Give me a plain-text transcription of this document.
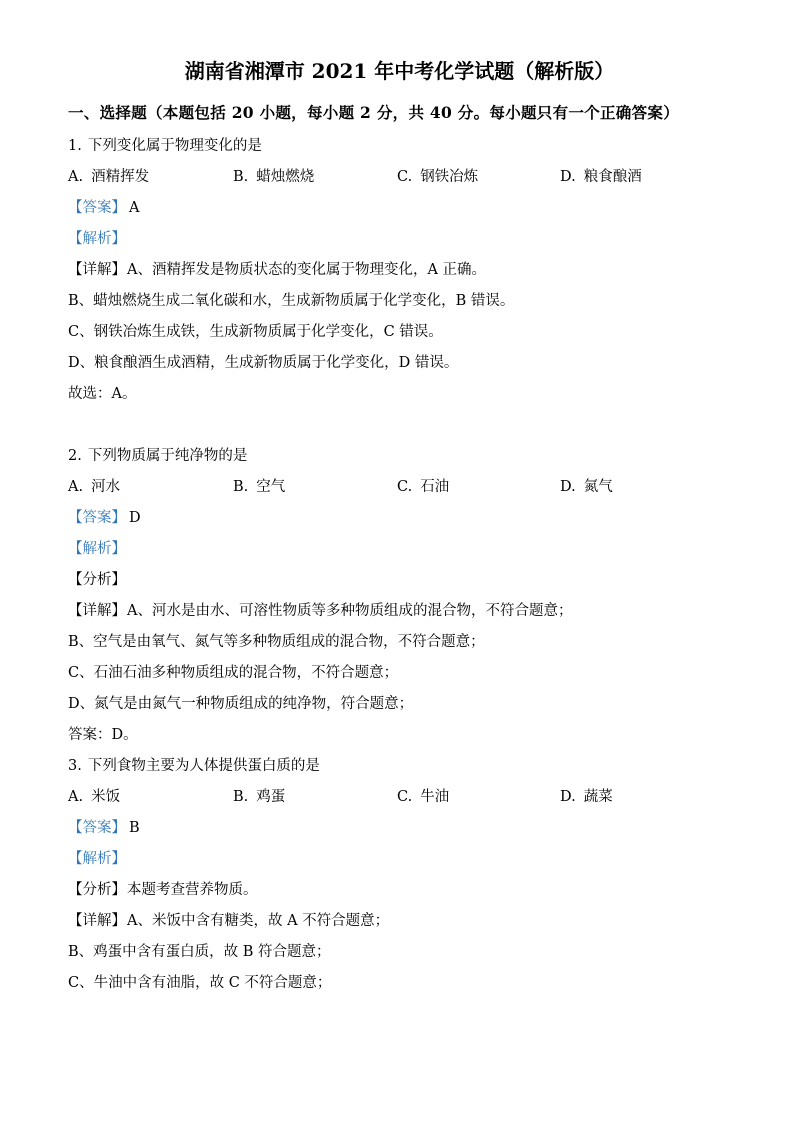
湖南省湘潭市 2021 年中考化学试题（解析版）
一、选择题（本题包括 20 小题，每小题 2 分，共 40 分。每小题只有一个正确答案）
1. 下列变化属于物理变化的是
A. 酒精挥发	B. 蜡烛燃烧	C. 钢铁冶炼	D. 粮食酿酒
【答案】 A
【解析】
【详解】A、酒精挥发是物质状态的变化属于物理变化，A 正确。
B、蜡烛燃烧生成二氧化碳和水，生成新物质属于化学变化，B 错误。
C、钢铁冶炼生成铁，生成新物质属于化学变化，C 错误。
D、粮食酿酒生成酒精，生成新物质属于化学变化，D 错误。
故选：A。
2. 下列物质属于纯净物的是
A. 河水	B. 空气	C. 石油	D. 氮气
【答案】 D
【解析】
【分析】
【详解】A、河水是由水、可溶性物质等多种物质组成的混合物，不符合题意；
B、空气是由氧气、氮气等多种物质组成的混合物，不符合题意；
C、石油石油多种物质组成的混合物，不符合题意；
D、氮气是由氮气一种物质组成的纯净物，符合题意；
答案：D。
3. 下列食物主要为人体提供蛋白质的是
A. 米饭	B. 鸡蛋	C. 牛油	D. 蔬菜
【答案】 B
【解析】
【分析】本题考查营养物质。
【详解】A、米饭中含有糖类，故 A 不符合题意；
B、鸡蛋中含有蛋白质，故 B 符合题意；
C、牛油中含有油脂，故 C 不符合题意；
